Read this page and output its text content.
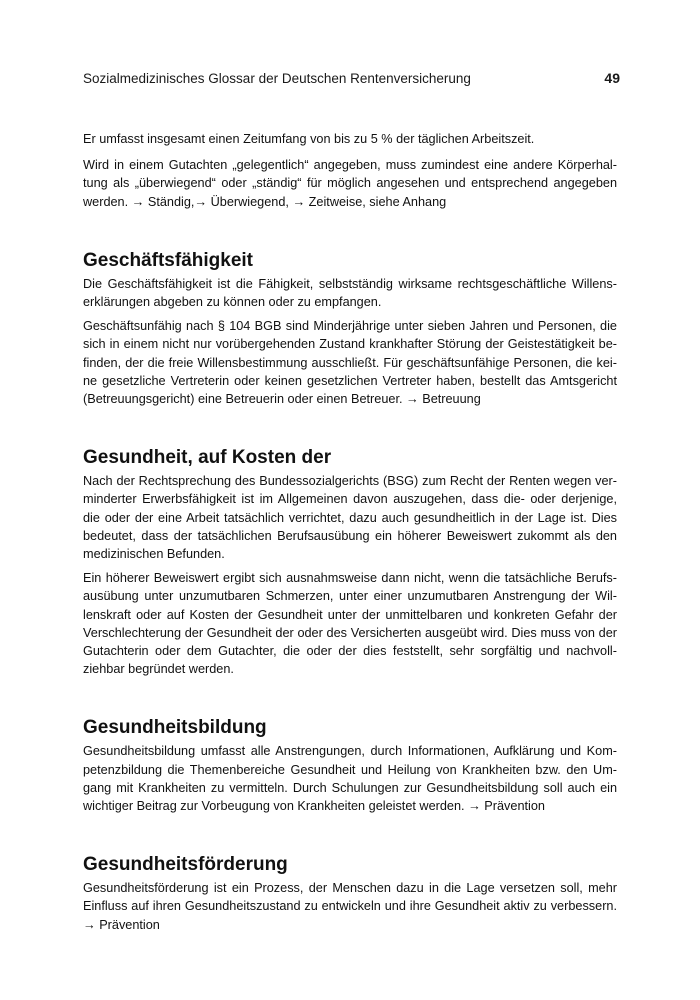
Sozialmedizinisches Glossar der Deutschen Rentenversicherung	49

Er umfasst insgesamt einen Zeitumfang von bis zu 5 % der täglichen Arbeitszeit.

Wird in einem Gutachten „gelegentlich“ angegeben, muss zumindest eine andere Körperhaltung als „überwiegend“ oder „ständig“ für möglich angesehen und entsprechend angegeben werden. → Ständig,→ Überwiegend, → Zeitweise, siehe Anhang

Geschäftsfähigkeit

Die Geschäftsfähigkeit ist die Fähigkeit, selbstständig wirksame rechtsgeschäftliche Willenserklärungen abgeben zu können oder zu empfangen.

Geschäftsunfähig nach § 104 BGB sind Minderjährige unter sieben Jahren und Personen, die sich in einem nicht nur vorübergehenden Zustand krankhafter Störung der Geistestätigkeit befinden, der die freie Willensbestimmung ausschließt. Für geschäftsunfähige Personen, die keine gesetzliche Vertreterin oder keinen gesetzlichen Vertreter haben, bestellt das Amtsgericht (Betreuungsgericht) eine Betreuerin oder einen Betreuer. → Betreuung

Gesundheit, auf Kosten der

Nach der Rechtsprechung des Bundessozialgerichts (BSG) zum Recht der Renten wegen verminderter Erwerbsfähigkeit ist im Allgemeinen davon auszugehen, dass die- oder derjenige, die oder der eine Arbeit tatsächlich verrichtet, dazu auch gesundheitlich in der Lage ist. Dies bedeutet, dass der tatsächlichen Berufsausübung ein höherer Beweiswert zukommt als den medizinischen Befunden.

Ein höherer Beweiswert ergibt sich ausnahmsweise dann nicht, wenn die tatsächliche Berufsausübung unter unzumutbaren Schmerzen, unter einer unzumutbaren Anstrengung der Willenskraft oder auf Kosten der Gesundheit unter der unmittelbaren und konkreten Gefahr der Verschlechterung der Gesundheit der oder des Versicherten ausgeübt wird. Dies muss von der Gutachterin oder dem Gutachter, die oder der dies feststellt, sehr sorgfältig und nachvollziehbar begründet werden.

Gesundheitsbildung

Gesundheitsbildung umfasst alle Anstrengungen, durch Informationen, Aufklärung und Kompetenzbildung die Themenbereiche Gesundheit und Heilung von Krankheiten bzw. den Umgang mit Krankheiten zu vermitteln. Durch Schulungen zur Gesundheitsbildung soll auch ein wichtiger Beitrag zur Vorbeugung von Krankheiten geleistet werden. → Prävention

Gesundheitsförderung

Gesundheitsförderung ist ein Prozess, der Menschen dazu in die Lage versetzen soll, mehr Einfluss auf ihren Gesundheitszustand zu entwickeln und ihre Gesundheit aktiv zu verbessern. → Prävention
